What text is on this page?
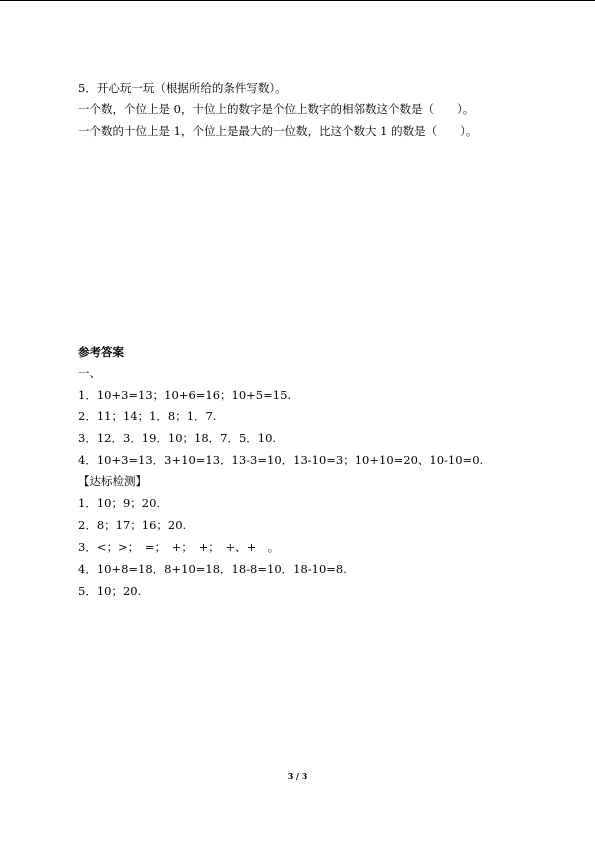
5．开心玩一玩（根据所给的条件写数）。
一个数，个位上是 0，十位上的数字是个位上数字的相邻数这个数是（　　）。
一个数的十位上是 1，个位上是最大的一位数，比这个数大 1 的数是（　　）。
参考答案
一、
1．10+3=13；10+6=16；10+5=15.
2．11；14；1．8；1．7.
3．12．3．19．10；18．7．5．10.
4．10+3=13．3+10=13．13-3=10．13-10=3；10+10=20、10-10=0.
【达标检测】
1．10；9；20.
2．8；17；16；20.
3．<；>；　=；　+；　+；　+、+　。
4．10+8=18．8+10=18．18-8=10．18-10=8.
5．10；20.
3 / 3
